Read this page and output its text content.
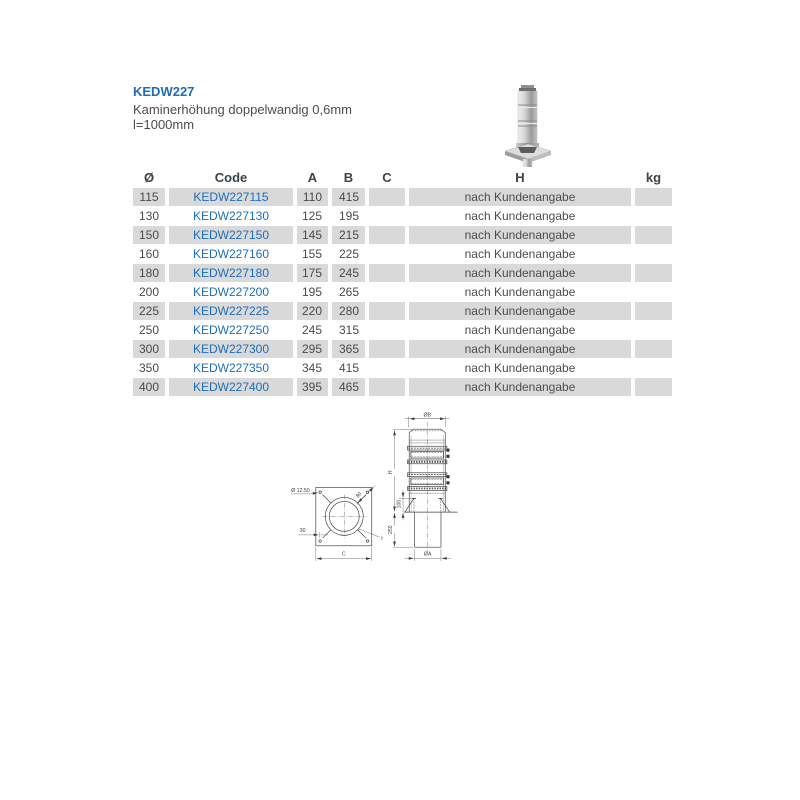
KEDW227
Kaminerhöhung doppelwandig 0,6mm
l=1000mm
Ø	Code	A	B	C	H	kg
115	KEDW227115	110	415		nach Kundenangabe	
130	KEDW227130	125	195		nach Kundenangabe	
150	KEDW227150	145	215		nach Kundenangabe	
160	KEDW227160	155	225		nach Kundenangabe	
180	KEDW227180	175	245		nach Kundenangabe	
200	KEDW227200	195	265		nach Kundenangabe	
225	KEDW227225	220	280		nach Kundenangabe	
250	KEDW227250	245	315		nach Kundenangabe	
300	KEDW227300	295	365		nach Kundenangabe	
350	KEDW227350	345	415		nach Kundenangabe	
400	KEDW227400	395	465		nach Kundenangabe	
80
Ø 12.50
30
C
t
ØB
H
100
250
ØA
